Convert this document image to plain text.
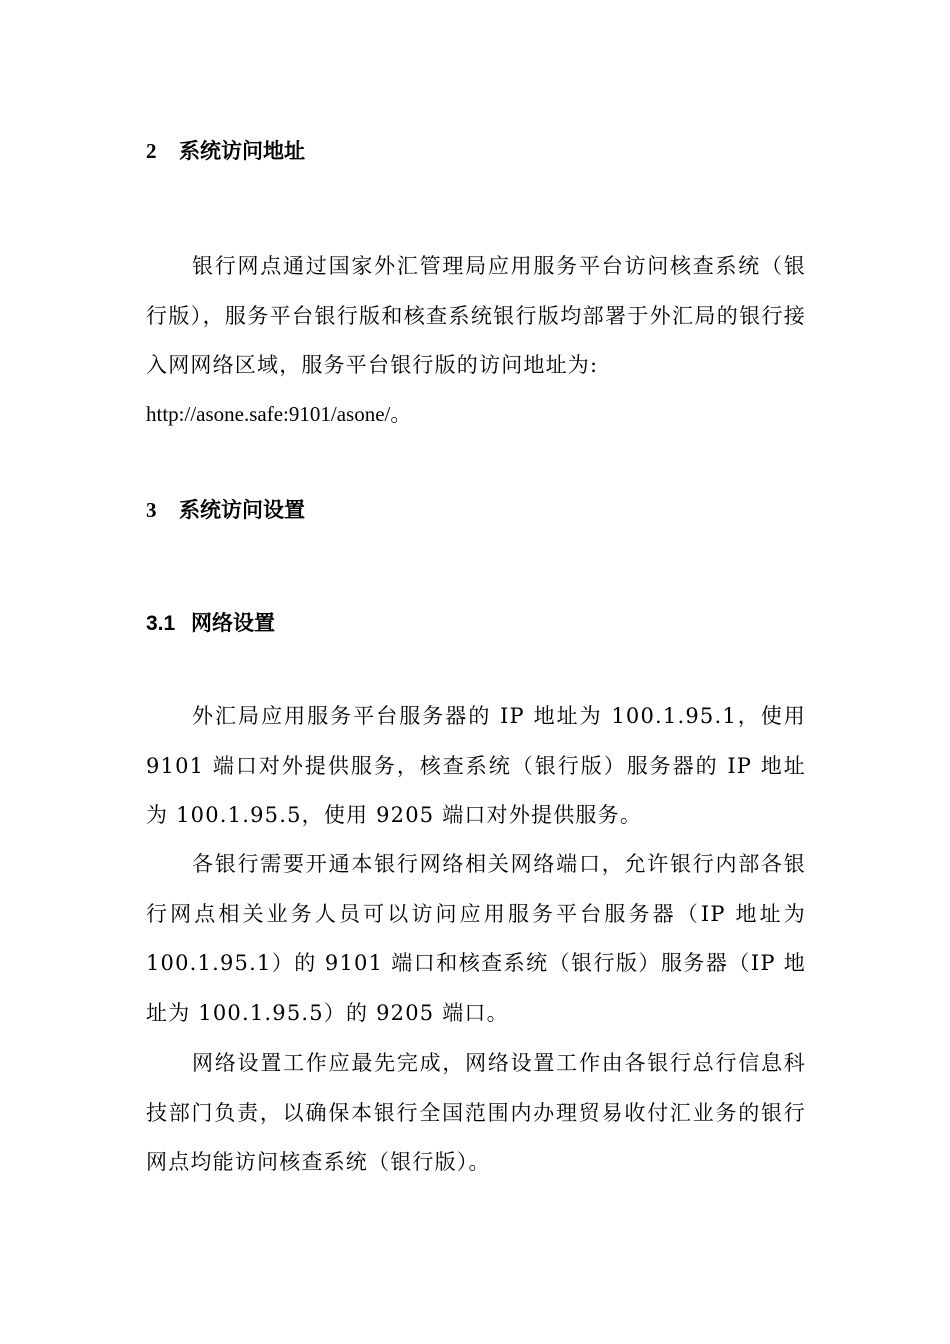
2 系统访问地址

银行网点通过国家外汇管理局应用服务平台访问核查系统（银行版），服务平台银行版和核查系统银行版均部署于外汇局的银行接入网网络区域，服务平台银行版的访问地址为:

http://asone.safe:9101/asone/。

3 系统访问设置
3.1 网络设置

外汇局应用服务平台服务器的 IP 地址为 100.1.95.1，使用 9101 端口对外提供服务，核查系统（银行版）服务器的 IP 地址为 100.1.95.5，使用 9205 端口对外提供服务。

各银行需要开通本银行网络相关网络端口，允许银行内部各银行网点相关业务人员可以访问应用服务平台服务器（IP 地址为 100.1.95.1）的 9101 端口和核查系统（银行版）服务器（IP 地址为 100.1.95.5）的 9205 端口。

网络设置工作应最先完成，网络设置工作由各银行总行信息科技部门负责，以确保本银行全国范围内办理贸易收付汇业务的银行网点均能访问核查系统（银行版）。
